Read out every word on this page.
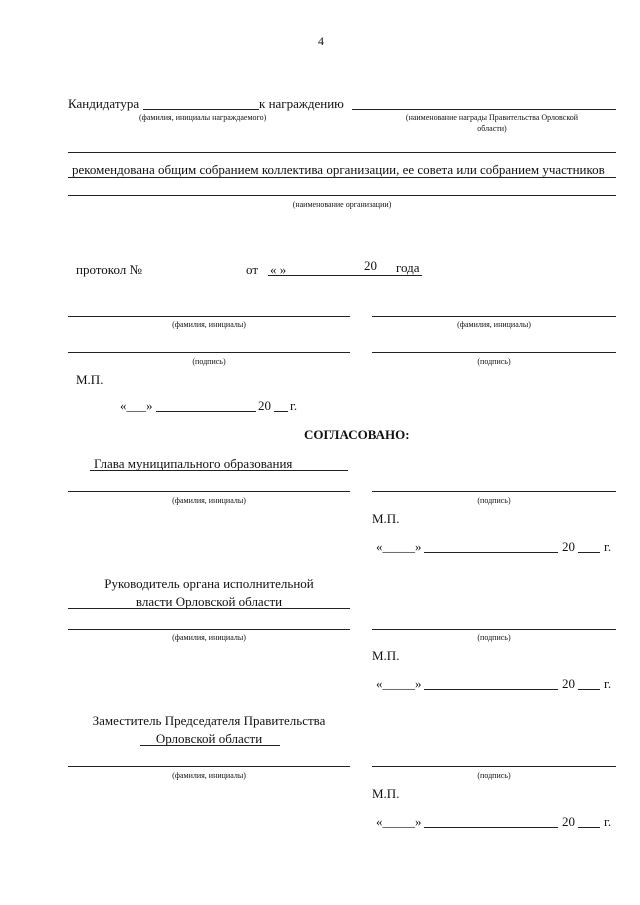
4
Кандидатура	к награждению
(фамилия, инициалы награждаемого)	(наименование награды Правительства Орловской
области)
рекомендована общим собранием коллектива организации, ее совета или собранием участников
(наименование организации)
протокол №	от « »	20 года
(фамилия, инициалы)	(фамилия, инициалы)
(подпись)	(подпись)
М.П.
«___»	20 г.
СОГЛАСОВАНО:
Глава муниципального образования
(фамилия, инициалы)	(подпись)
М.П.
«_____»	20 г.
Руководитель органа исполнительной
власти Орловской области
(фамилия, инициалы)	(подпись)
М.П.
«_____»	20 г.
Заместитель Председателя Правительства
Орловской области
(фамилия, инициалы)	(подпись)
М.П.
«_____»	20 г.
